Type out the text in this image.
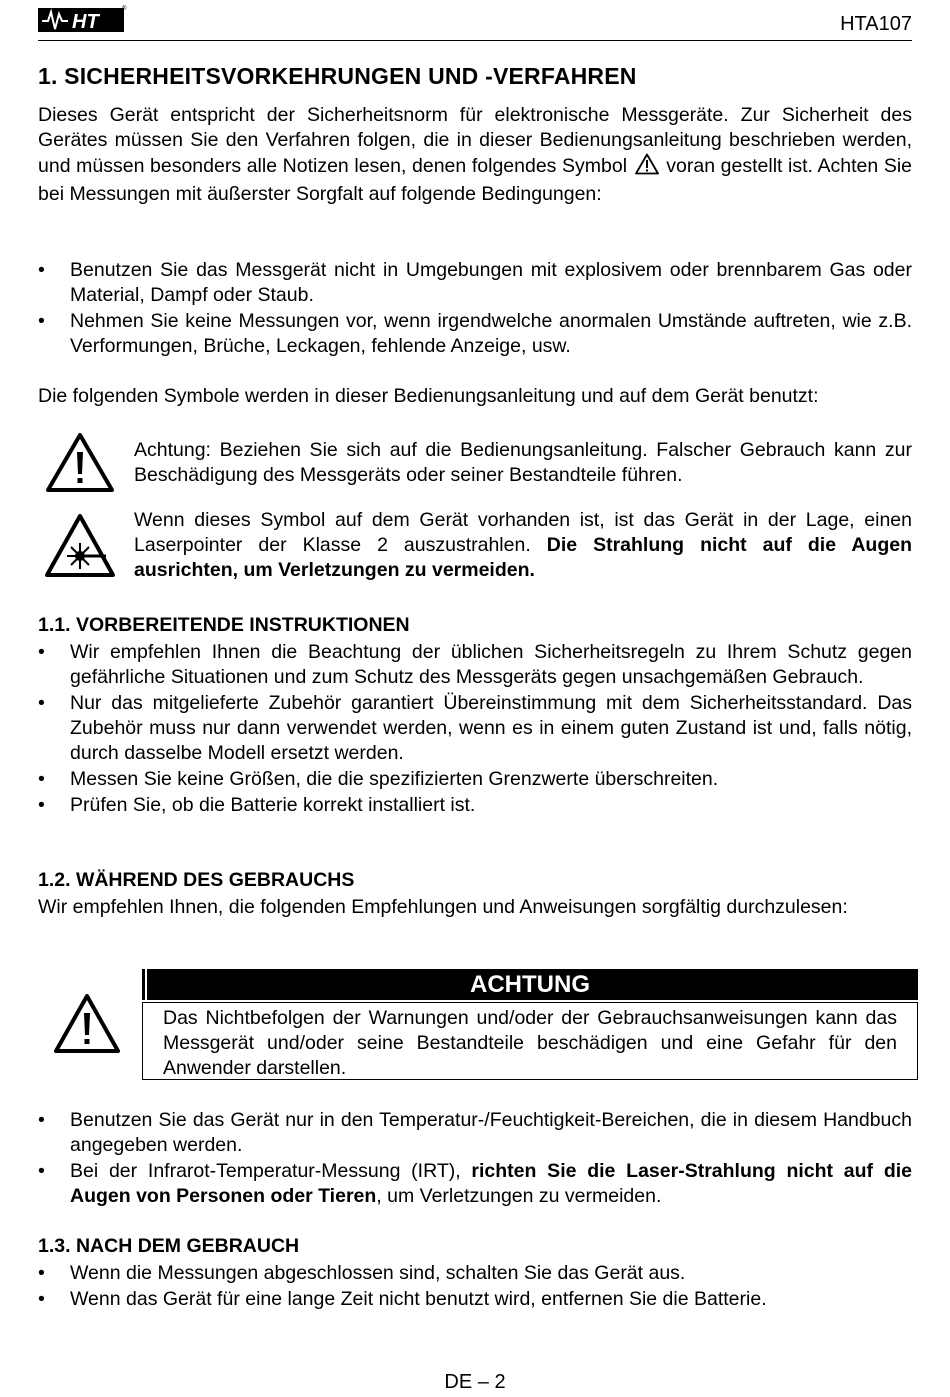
HT
®
HTA107
1. SICHERHEITSVORKEHRUNGEN UND -VERFAHREN
Dieses Gerät entspricht der Sicherheitsnorm für elektronische Messgeräte. Zur Sicherheit des Gerätes müssen Sie den Verfahren folgen, die in dieser Bedienungsanleitung beschrieben werden, und müssen besonders alle Notizen lesen, denen folgendes Symbol voran gestellt ist. Achten Sie bei Messungen mit äußerster Sorgfalt auf folgende Bedingungen:
• Benutzen Sie das Messgerät nicht in Umgebungen mit explosivem oder brennbarem Gas oder Material, Dampf oder Staub.
• Nehmen Sie keine Messungen vor, wenn irgendwelche anormalen Umstände auftreten, wie z.B. Verformungen, Brüche, Leckagen, fehlende Anzeige, usw.
Die folgenden Symbole werden in dieser Bedienungsanleitung und auf dem Gerät benutzt:
Achtung: Beziehen Sie sich auf die Bedienungsanleitung. Falscher Gebrauch kann zur Beschädigung des Messgeräts oder seiner Bestandteile führen.
Wenn dieses Symbol auf dem Gerät vorhanden ist, ist das Gerät in der Lage, einen Laserpointer der Klasse 2 auszustrahlen. Die Strahlung nicht auf die Augen ausrichten, um Verletzungen zu vermeiden.
1.1. VORBEREITENDE INSTRUKTIONEN
• Wir empfehlen Ihnen die Beachtung der üblichen Sicherheitsregeln zu Ihrem Schutz gegen gefährliche Situationen und zum Schutz des Messgeräts gegen unsachgemäßen Gebrauch.
• Nur das mitgelieferte Zubehör garantiert Übereinstimmung mit dem Sicherheitsstandard. Das Zubehör muss nur dann verwendet werden, wenn es in einem guten Zustand ist und, falls nötig, durch dasselbe Modell ersetzt werden.
• Messen Sie keine Größen, die die spezifizierten Grenzwerte überschreiten.
• Prüfen Sie, ob die Batterie korrekt installiert ist.
1.2. WÄHREND DES GEBRAUCHS
Wir empfehlen Ihnen, die folgenden Empfehlungen und Anweisungen sorgfältig durchzulesen:
ACHTUNG
Das Nichtbefolgen der Warnungen und/oder der Gebrauchsanweisungen kann das Messgerät und/oder seine Bestandteile beschädigen und eine Gefahr für den Anwender darstellen.
• Benutzen Sie das Gerät nur in den Temperatur-/Feuchtigkeit-Bereichen, die in diesem Handbuch angegeben werden.
• Bei der Infrarot-Temperatur-Messung (IRT), richten Sie die Laser-Strahlung nicht auf die Augen von Personen oder Tieren, um Verletzungen zu vermeiden.
1.3. NACH DEM GEBRAUCH
• Wenn die Messungen abgeschlossen sind, schalten Sie das Gerät aus.
• Wenn das Gerät für eine lange Zeit nicht benutzt wird, entfernen Sie die Batterie.
DE – 2
